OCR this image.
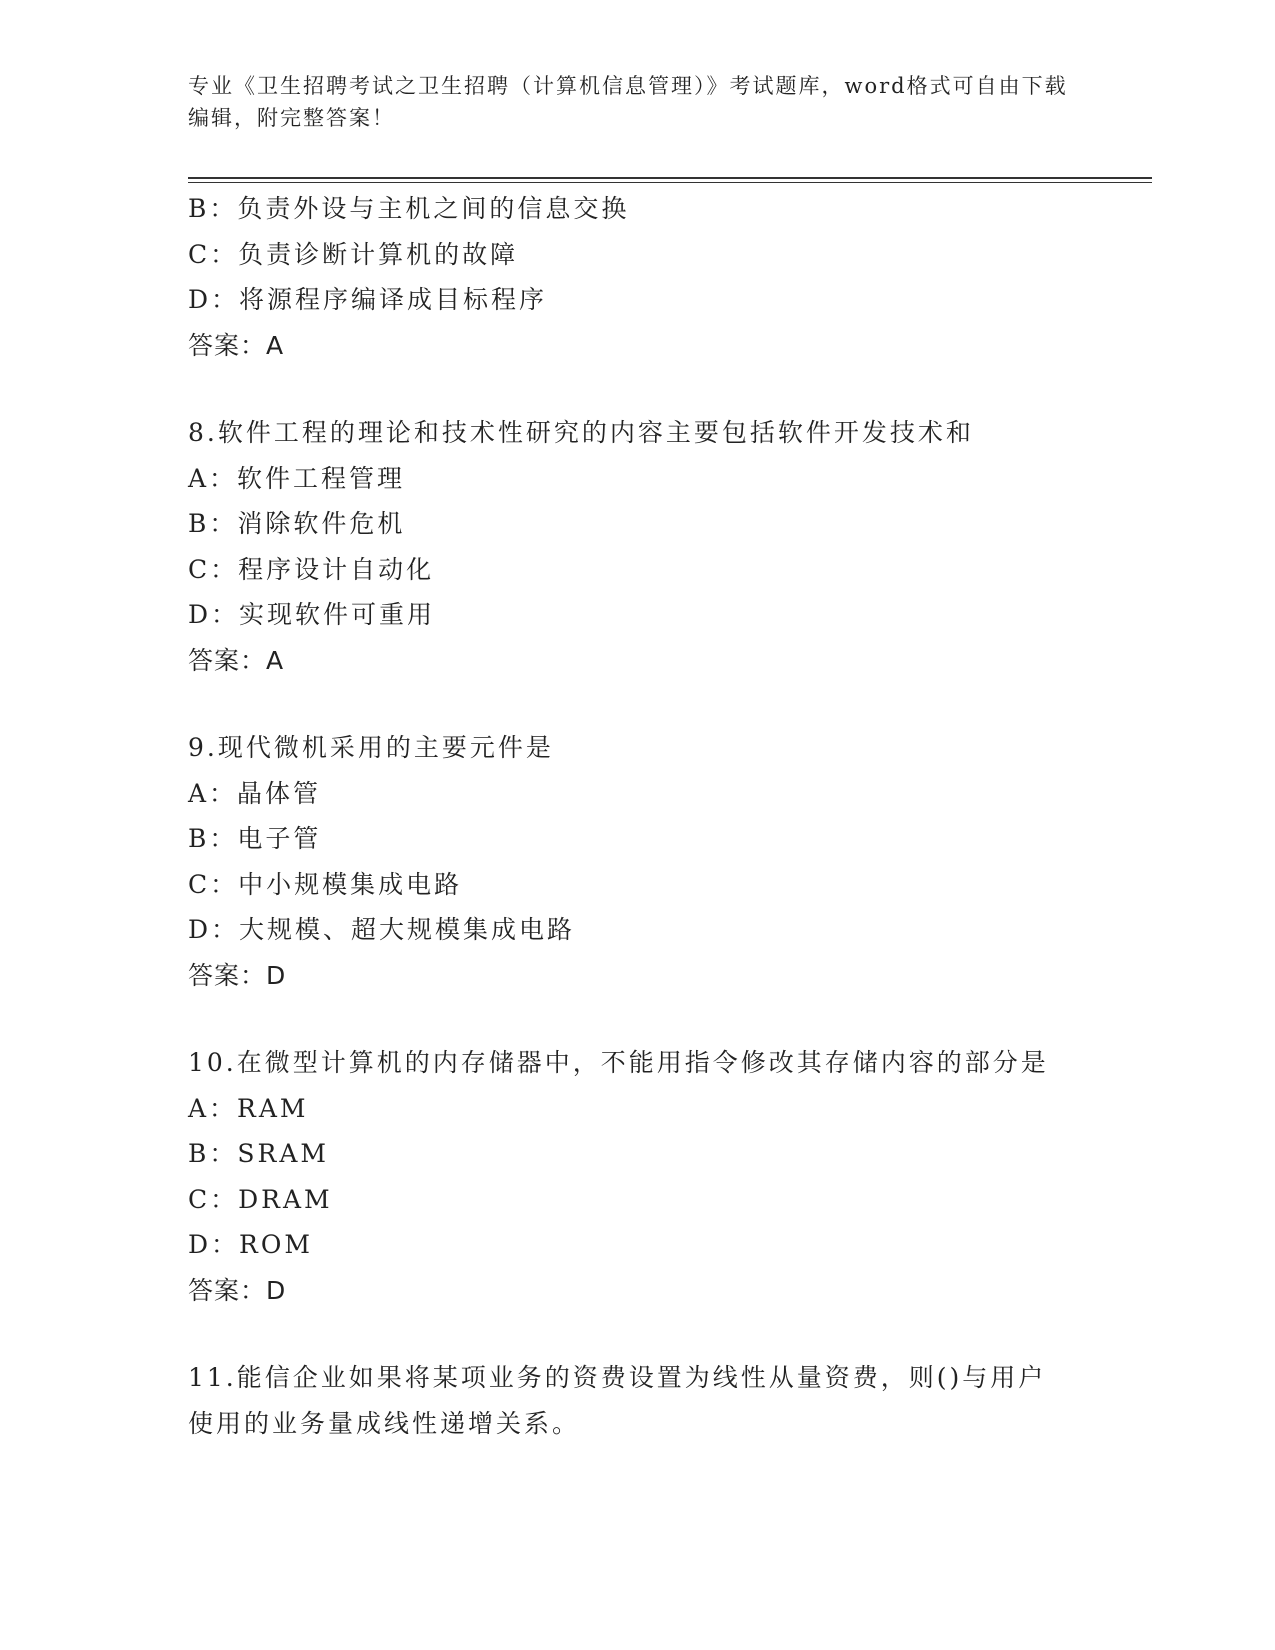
专业《卫生招聘考试之卫生招聘（计算机信息管理）》考试题库，word格式可自由下载编辑，附完整答案！
B：负责外设与主机之间的信息交换
C：负责诊断计算机的故障
D：将源程序编译成目标程序
答案：A
8.软件工程的理论和技术性研究的内容主要包括软件开发技术和
A：软件工程管理
B：消除软件危机
C：程序设计自动化
D：实现软件可重用
答案：A
9.现代微机采用的主要元件是
A：晶体管
B：电子管
C：中小规模集成电路
D：大规模、超大规模集成电路
答案：D
10.在微型计算机的内存储器中，不能用指令修改其存储内容的部分是
A：RAM
B：SRAM
C：DRAM
D：ROM
答案：D
11.能信企业如果将某项业务的资费设置为线性从量资费，则()与用户使用的业务量成线性递增关系。
